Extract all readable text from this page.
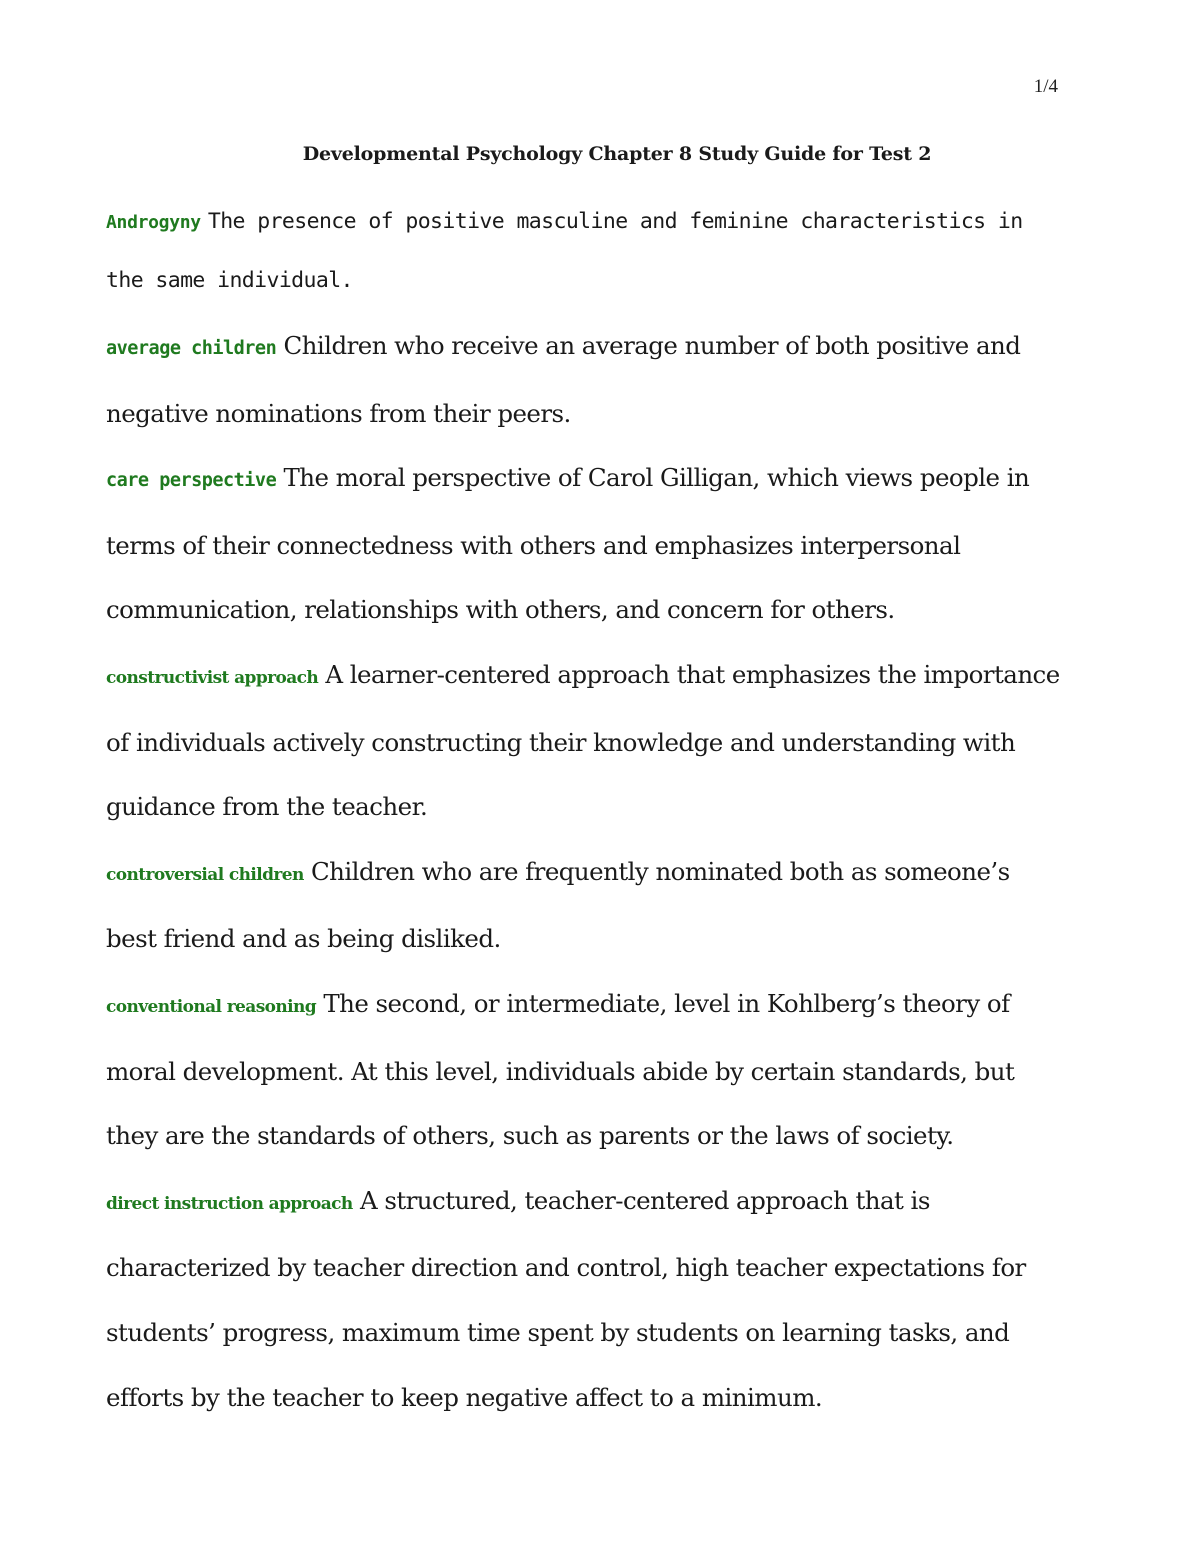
1/4
Developmental Psychology Chapter 8 Study Guide for Test 2

Androgyny The presence of positive masculine and feminine characteristics in the same individual.

average children Children who receive an average number of both positive and negative nominations from their peers.

care perspective The moral perspective of Carol Gilligan, which views people in terms of their connectedness with others and emphasizes interpersonal communication, relationships with others, and concern for others.

constructivist approach A learner-centered approach that emphasizes the importance of individuals actively constructing their knowledge and understanding with guidance from the teacher.

controversial children Children who are frequently nominated both as someone’s best friend and as being disliked.

conventional reasoning The second, or intermediate, level in Kohlberg’s theory of moral development. At this level, individuals abide by certain standards, but they are the standards of others, such as parents or the laws of society.

direct instruction approach A structured, teacher-centered approach that is characterized by teacher direction and control, high teacher expectations for students’ progress, maximum time spent by students on learning tasks, and efforts by the teacher to keep negative affect to a minimum.
